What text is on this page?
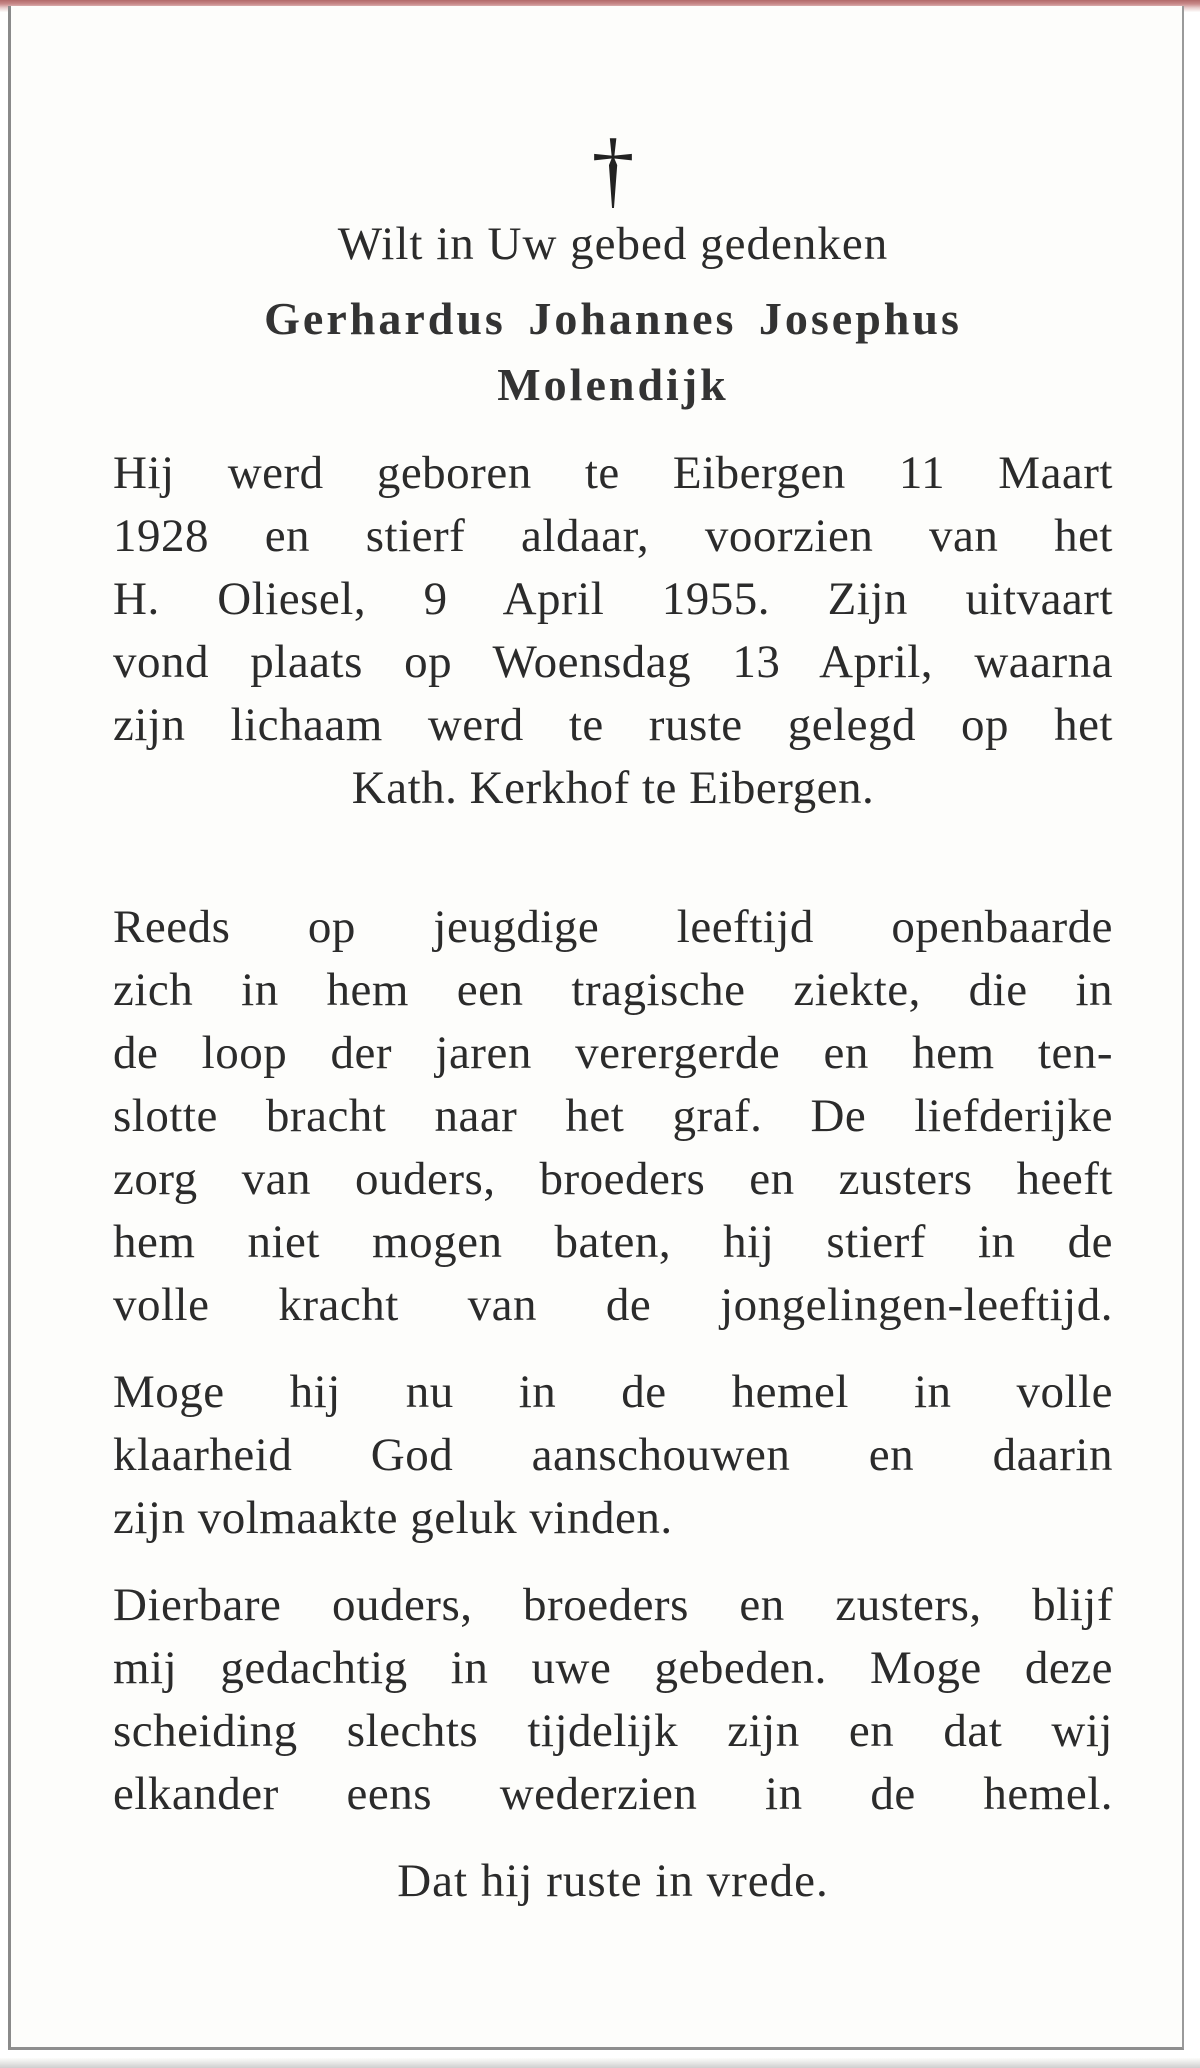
†
Wilt in Uw gebed gedenken
Gerhardus Johannes Josephus
Molendijk
Hij werd geboren te Eibergen 11 Maart
1928 en stierf aldaar, voorzien van het
H. Oliesel, 9 April 1955. Zijn uitvaart
vond plaats op Woensdag 13 April, waarna
zijn lichaam werd te ruste gelegd op het
Kath. Kerkhof te Eibergen.
Reeds op jeugdige leeftijd openbaarde
zich in hem een tragische ziekte, die in
de loop der jaren verergerde en hem ten-
slotte bracht naar het graf. De liefderijke
zorg van ouders, broeders en zusters heeft
hem niet mogen baten, hij stierf in de
volle kracht van de jongelingen-leeftijd.
Moge hij nu in de hemel in volle
klaarheid God aanschouwen en daarin
zijn volmaakte geluk vinden.
Dierbare ouders, broeders en zusters, blijf
mij gedachtig in uwe gebeden. Moge deze
scheiding slechts tijdelijk zijn en dat wij
elkander eens wederzien in de hemel.
Dat hij ruste in vrede.
